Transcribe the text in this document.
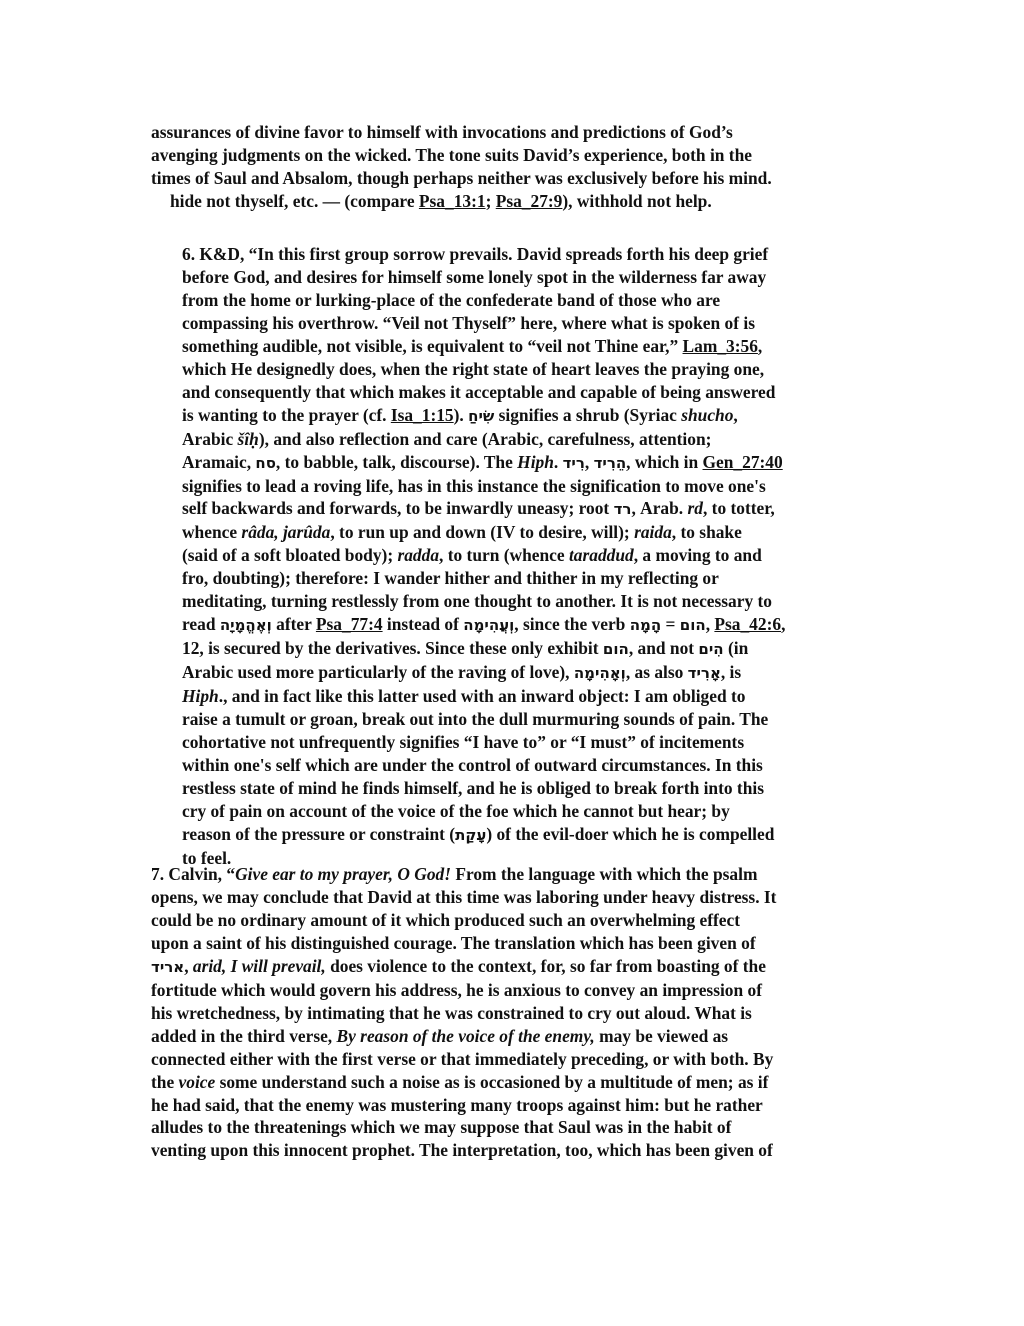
assurances of divine favor to himself with invocations and predictions of God’s
avenging judgments on the wicked. The tone suits David’s experience, both in the
times of Saul and Absalom, though perhaps neither was exclusively before his mind.
hide not thyself, etc. — (compare Psa_13:1; Psa_27:9), withhold not help.
6. K&D, “In this first group sorrow prevails. David spreads forth his deep grief
before God, and desires for himself some lonely spot in the wilderness far away
from the home or lurking-place of the confederate band of those who are
compassing his overthrow. “Veil not Thyself” here, where what is spoken of is
something audible, not visible, is equivalent to “veil not Thine ear,” Lam_3:56,
which He designedly does, when the right state of heart leaves the praying one,
and consequently that which makes it acceptable and capable of being answered
is wanting to the prayer (cf. Isa_1:15). שִׂיחַ signifies a shrub (Syriac shucho,
Arabic šîḥ), and also reflection and care (Arabic, carefulness, attention;
Aramaic, סח, to babble, talk, discourse). The Hiph. רִיד, הֵרִיד, which in Gen_27:40
signifies to lead a roving life, has in this instance the signification to move one's
self backwards and forwards, to be inwardly uneasy; root רד, Arab. rd, to totter,
whence râda, jarûda, to run up and down (IV to desire, will); raida, to shake
(said of a soft bloated body); radda, to turn (whence taraddud, a moving to and
fro, doubting); therefore: I wander hither and thither in my reflecting or
meditating, turning restlessly from one thought to another. It is not necessary to
read וְאֶהֱמָיָה after Psa_77:4 instead of וְעֲהִימָה, since the verb הָמָה = הום, Psa_42:6,
12, is secured by the derivatives. Since these only exhibit הום, and not הִים (in
Arabic used more particularly of the raving of love), וְאָהִימָה, as also אָרִיד, is
Hiph., and in fact like this latter used with an inward object: I am obliged to
raise a tumult or groan, break out into the dull murmuring sounds of pain. The
cohortative not unfrequently signifies “I have to” or “I must” of incitements
within one's self which are under the control of outward circumstances. In this
restless state of mind he finds himself, and he is obliged to break forth into this
cry of pain on account of the voice of the foe which he cannot but hear; by
reason of the pressure or constraint (עָקַת) of the evil-doer which he is compelled
to feel.
7. Calvin, “Give ear to my prayer, O God! From the language with which the psalm
opens, we may conclude that David at this time was laboring under heavy distress. It
could be no ordinary amount of it which produced such an overwhelming effect
upon a saint of his distinguished courage. The translation which has been given of
אריד, arid, I will prevail, does violence to the context, for, so far from boasting of the
fortitude which would govern his address, he is anxious to convey an impression of
his wretchedness, by intimating that he was constrained to cry out aloud. What is
added in the third verse, By reason of the voice of the enemy, may be viewed as
connected either with the first verse or that immediately preceding, or with both. By
the voice some understand such a noise as is occasioned by a multitude of men; as if
he had said, that the enemy was mustering many troops against him: but he rather
alludes to the threatenings which we may suppose that Saul was in the habit of
venting upon this innocent prophet. The interpretation, too, which has been given of
